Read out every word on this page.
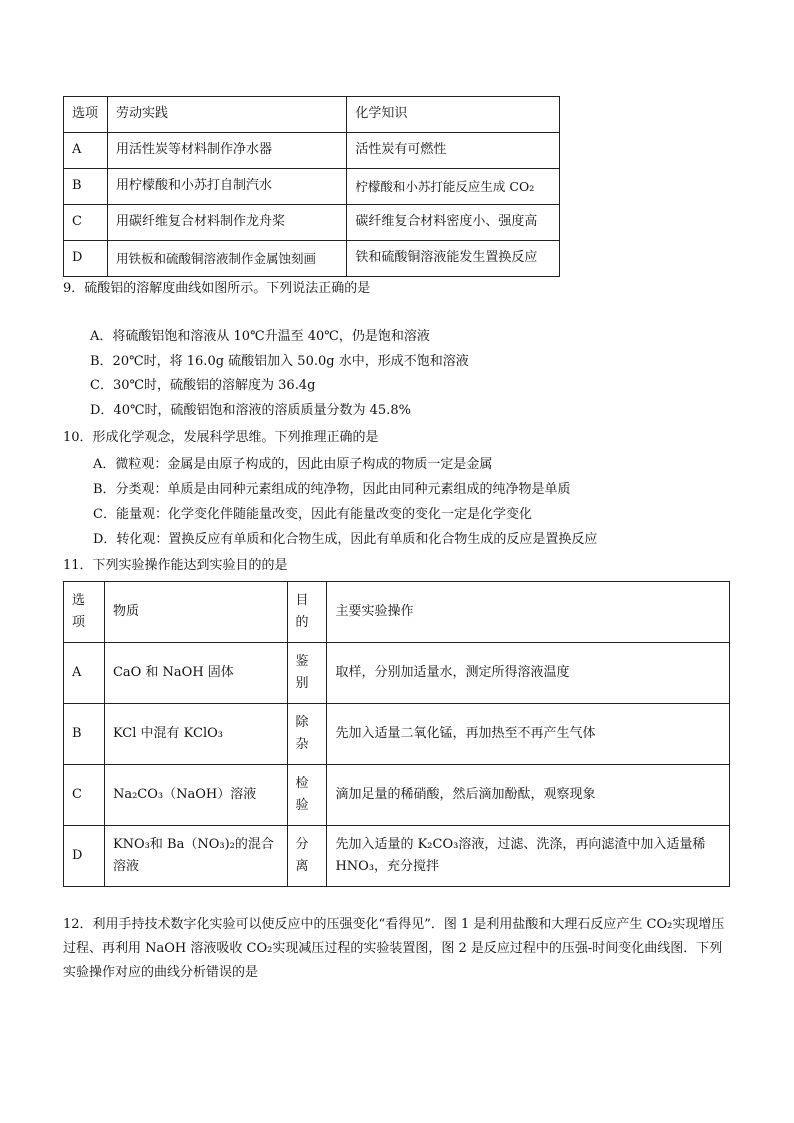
选项	劳动实践	化学知识
A	用活性炭等材料制作净水器	活性炭有可燃性
B	用柠檬酸和小苏打自制汽水	柠檬酸和小苏打能反应生成 CO₂
C	用碳纤维复合材料制作龙舟桨	碳纤维复合材料密度小、强度高
D	用铁板和硫酸铜溶液制作金属蚀刻画	铁和硫酸铜溶液能发生置换反应
9．硫酸铝的溶解度曲线如图所示。下列说法正确的是
A．将硫酸铝饱和溶液从 10℃升温至 40℃，仍是饱和溶液
B．20℃时，将 16.0g 硫酸铝加入 50.0g 水中，形成不饱和溶液
C．30℃时，硫酸铝的溶解度为 36.4g
D．40℃时，硫酸铝饱和溶液的溶质质量分数为 45.8%
10．形成化学观念，发展科学思维。下列推理正确的是
A．微粒观：金属是由原子构成的，因此由原子构成的物质一定是金属
B．分类观：单质是由同种元素组成的纯净物，因此由同种元素组成的纯净物是单质
C．能量观：化学变化伴随能量改变，因此有能量改变的变化一定是化学变化
D．转化观：置换反应有单质和化合物生成，因此有单质和化合物生成的反应是置换反应
11．下列实验操作能达到实验目的的是
选项	物质	目的	主要实验操作
A	CaO 和 NaOH 固体	鉴别	取样，分别加适量水，测定所得溶液温度
B	KCl 中混有 KClO₃	除杂	先加入适量二氧化锰，再加热至不再产生气体
C	Na₂CO₃（NaOH）溶液	检验	滴加足量的稀硝酸，然后滴加酚酞，观察现象
D	KNO₃和 Ba（NO₃)₂的混合溶液	分离	先加入适量的 K₂CO₃溶液，过滤、洗涤，再向滤渣中加入适量稀 HNO₃，充分搅拌
12．利用手持技术数字化实验可以使反应中的压强变化“看得见”．图 1 是利用盐酸和大理石反应产生 CO₂实现增压过程、再利用 NaOH 溶液吸收 CO₂实现减压过程的实验装置图，图 2 是反应过程中的压强-时间变化曲线图．下列实验操作对应的曲线分析错误的是
